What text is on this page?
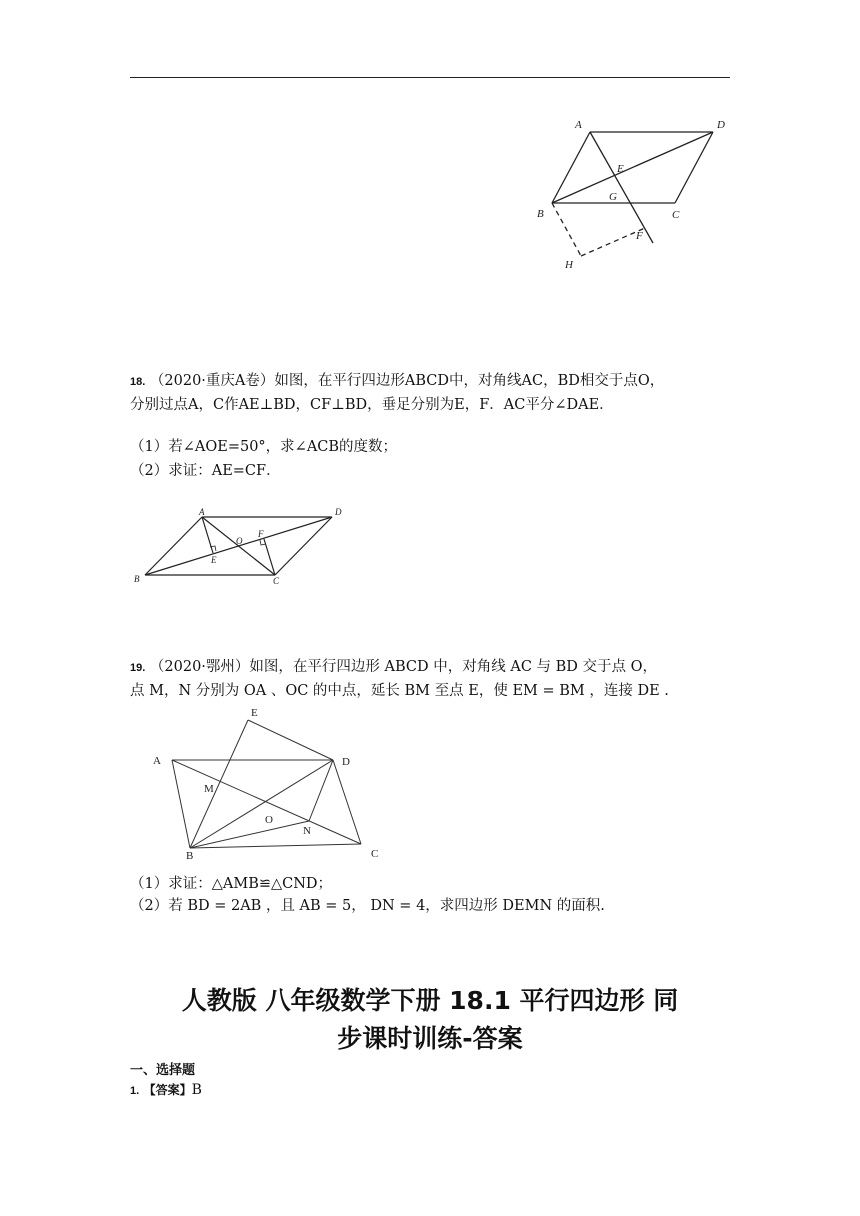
A	D
E
G
B	C
F
H
18. （2020·重庆A卷）如图，在平行四边形ABCD中，对角线AC，BD相交于点O，
分别过点A，C作AE⊥BD，CF⊥BD，垂足分别为E，F．AC平分∠DAE．
（1）若∠AOE=50°，求∠ACB的度数；
（2）求证：AE=CF．
A	D
O
F
E
B	C
19. （2020·鄂州）如图，在平行四边形 ABCD 中，对角线 AC 与 BD 交于点 O，
点 M，N 分别为 OA 、OC 的中点，延长 BM 至点 E，使 EM = BM ，连接 DE .
E
A	D
M
O
N
B	C
（1）求证：△AMB≌△CND；
（2）若 BD = 2AB ，且 AB = 5， DN = 4，求四边形 DEMN 的面积.
人教版 八年级数学下册 18.1 平行四边形 同
步课时训练-答案
一、选择题
1. 【答案】B
